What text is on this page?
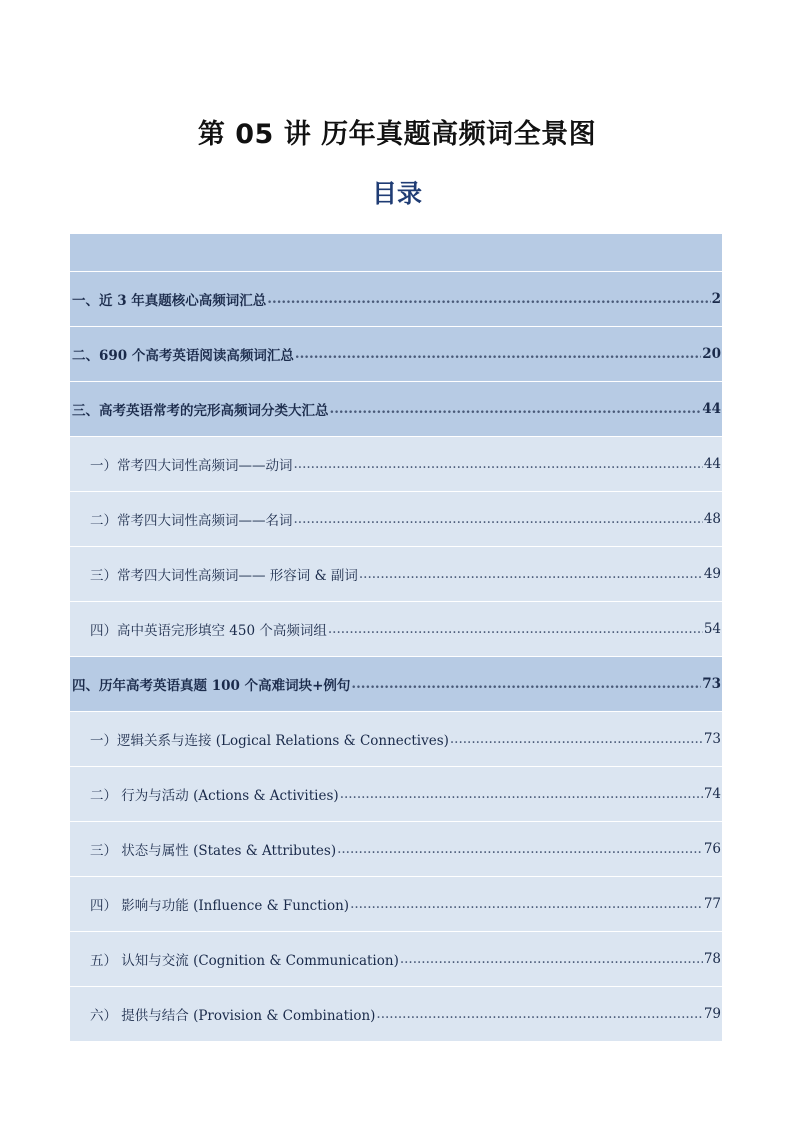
第 05 讲 历年真题高频词全景图
目录
一、近 3 年真题核心高频词汇总 .....	2
二、690 个高考英语阅读高频词汇总 .....	20
三、高考英语常考的完形高频词分类大汇总 .....	44
一）常考四大词性高频词——动词 .....	44
二）常考四大词性高频词——名词 .....	48
三）常考四大词性高频词—— 形容词 & 副词 .....	49
四）高中英语完形填空 450 个高频词组 .....	54
四、历年高考英语真题 100 个高难词块+例句 .....	73
一）逻辑关系与连接 (Logical Relations & Connectives) .....	73
二） 行为与活动 (Actions & Activities) .....	74
三） 状态与属性 (States & Attributes) .....	76
四） 影响与功能 (Influence & Function) .....	77
五） 认知与交流 (Cognition & Communication) .....	78
六） 提供与结合 (Provision & Combination) .....	79
